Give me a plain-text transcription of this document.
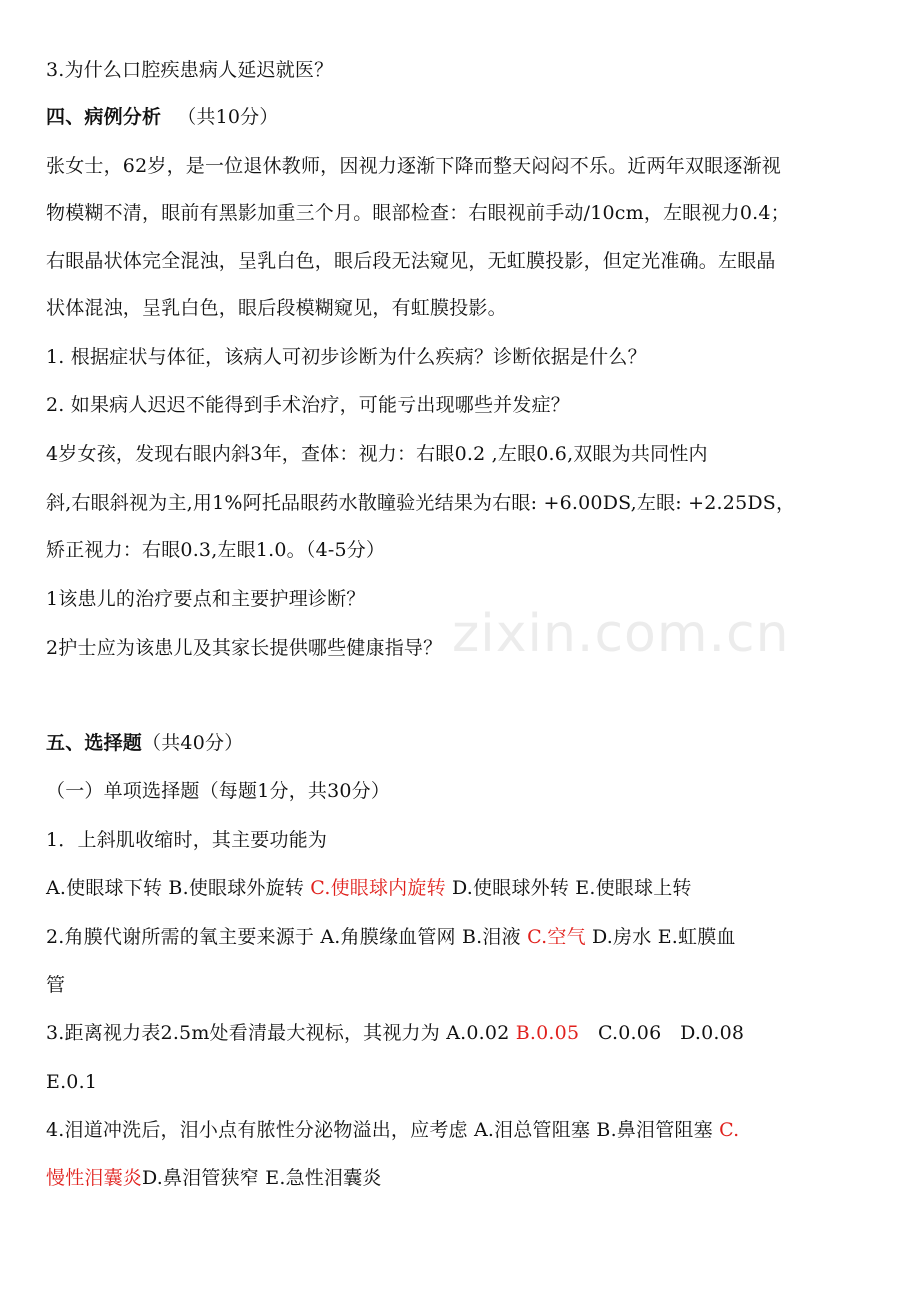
zixin.com.cn
3.为什么口腔疾患病人延迟就医？
四、病例分析 （共10分）
张女士，62岁，是一位退休教师，因视力逐渐下降而整天闷闷不乐。近两年双眼逐渐视
物模糊不清，眼前有黑影加重三个月。眼部检查：右眼视前手动/10cm，左眼视力0.4；
右眼晶状体完全混浊，呈乳白色，眼后段无法窥见，无虹膜投影，但定光准确。左眼晶
状体混浊，呈乳白色，眼后段模糊窥见，有虹膜投影。
1. 根据症状与体征，该病人可初步诊断为什么疾病？诊断依据是什么？
2. 如果病人迟迟不能得到手术治疗，可能亏出现哪些并发症？
4岁女孩，发现右眼内斜3年，查体：视力：右眼0.2 ,左眼0.6,双眼为共同性内
斜,右眼斜视为主,用1%阿托品眼药水散瞳验光结果为右眼: +6.00DS,左眼: +2.25DS，
矫正视力：右眼0.3,左眼1.0。（4-5分）
1该患儿的治疗要点和主要护理诊断？
2护士应为该患儿及其家长提供哪些健康指导？
五、选择题（共40分）
（一）单项选择题（每题1分，共30分）
1．上斜肌收缩时，其主要功能为
A.使眼球下转 B.使眼球外旋转 C.使眼球内旋转 D.使眼球外转 E.使眼球上转
2.角膜代谢所需的氧主要来源于 A.角膜缘血管网 B.泪液 C.空气 D.房水 E.虹膜血
管
3.距离视力表2.5m处看清最大视标，其视力为 A.0.02 B.0.05 C.0.06 D.0.08
E.0.1
4.泪道冲洗后，泪小点有脓性分泌物溢出，应考虑 A.泪总管阻塞 B.鼻泪管阻塞 C.
慢性泪囊炎D.鼻泪管狭窄 E.急性泪囊炎
